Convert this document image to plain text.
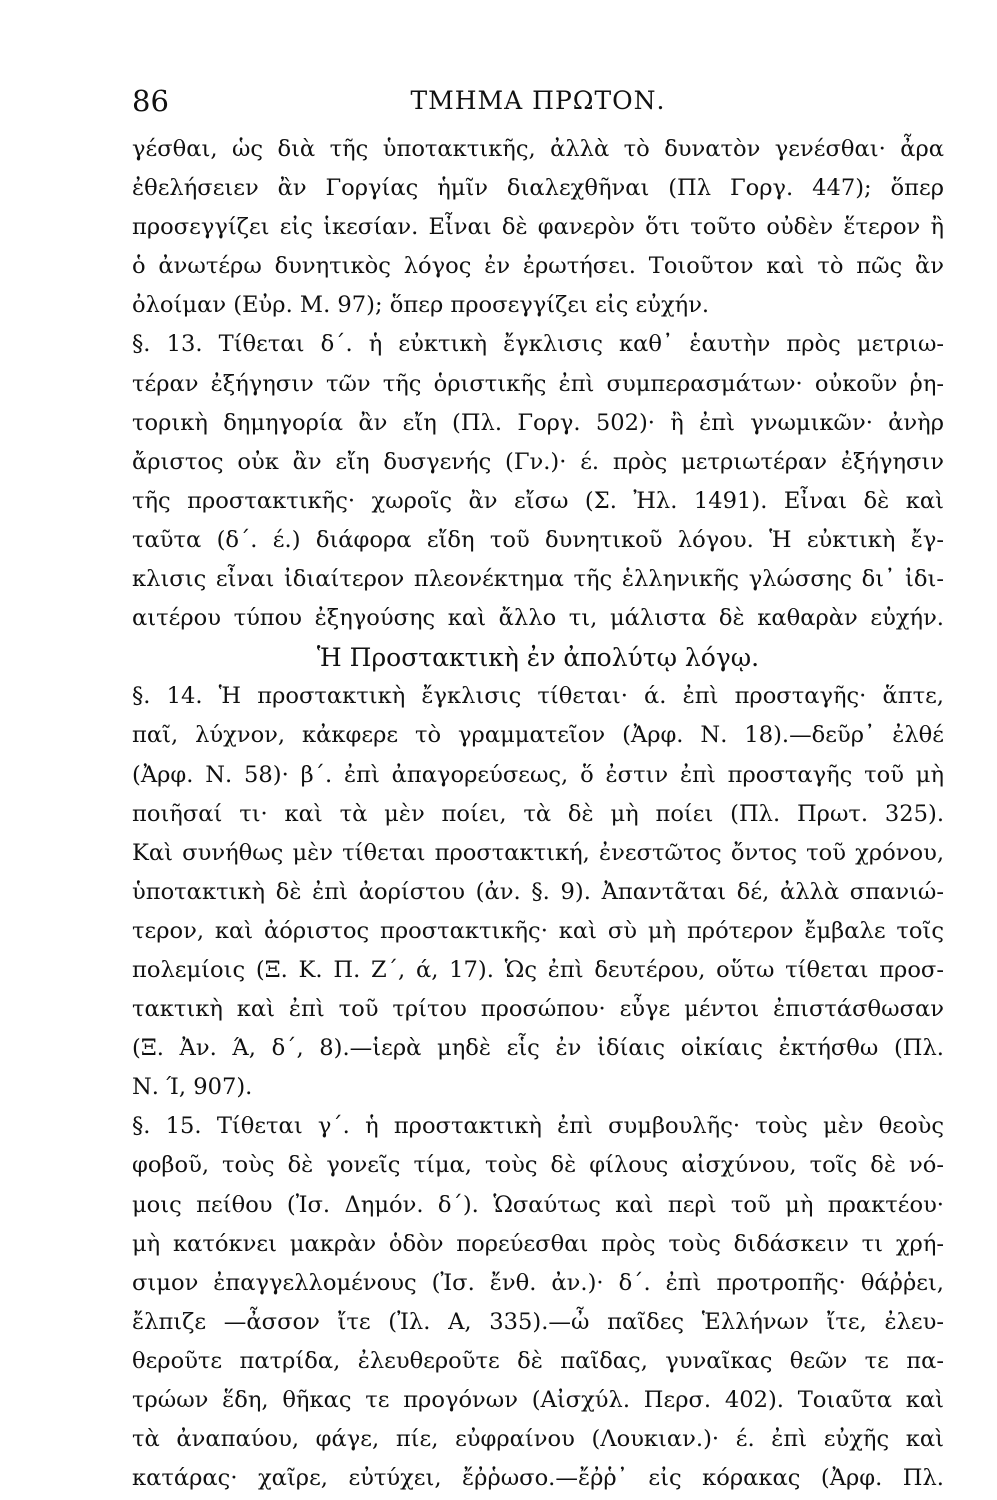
86	ΤΜΗΜΑ ΠΡΩΤΟΝ.
γέσθαι, ὡς διὰ τῆς ὑποτακτικῆς, ἀλλὰ τὸ δυνατὸν γενέσθαι· ἆρα
ἐθελήσειεν ἂν Γοργίας ἡμῖν διαλεχθῆναι (Πλ Γοργ. 447); ὅπερ
προσεγγίζει εἰς ἱκεσίαν. Εἶναι δὲ φανερὸν ὅτι τοῦτο οὐδὲν ἕτερον ἢ
ὁ ἀνωτέρω δυνητικὸς λόγος ἐν ἐρωτήσει. Τοιοῦτον καὶ τὸ πῶς ἂν
ὀλοίμαν (Εὐρ. Μ. 97); ὅπερ προσεγγίζει εἰς εὐχήν.
§. 13. Τίθεται δ΄. ἡ εὐκτικὴ ἔγκλισις καθ᾽ ἑαυτὴν πρὸς μετριω-
τέραν ἐξήγησιν τῶν τῆς ὁριστικῆς ἐπὶ συμπερασμάτων· οὐκοῦν ῥη-
τορικὴ δημηγορία ἂν εἴη (Πλ. Γοργ. 502)· ἢ ἐπὶ γνωμικῶν· ἀνὴρ
ἄριστος οὐκ ἂν εἴη δυσγενής (Γν.)· έ. πρὸς μετριωτέραν ἐξήγησιν
τῆς προστακτικῆς· χωροῖς ἂν εἴσω (Σ. Ἠλ. 1491). Εἶναι δὲ καὶ
ταῦτα (δ΄. έ.) διάφορα εἴδη τοῦ δυνητικοῦ λόγου. Ἡ εὐκτικὴ ἔγ-
κλισις εἶναι ἰδιαίτερον πλεονέκτημα τῆς ἑλληνικῆς γλώσσης δι᾽ ἰδι-
αιτέρου τύπου ἐξηγούσης καὶ ἄλλο τι, μάλιστα δὲ καθαρὰν εὐχήν.
Ἡ Προστακτικὴ ἐν ἀπολύτῳ λόγῳ.
§. 14. Ἡ προστακτικὴ ἔγκλισις τίθεται· ά. ἐπὶ προσταγῆς· ἅπτε,
παῖ, λύχνον, κἀκφερε τὸ γραμματεῖον (Ἀρφ. Ν. 18).—δεῦρ᾽ ἐλθέ
(Ἀρφ. Ν. 58)· β΄. ἐπὶ ἀπαγορεύσεως, ὅ ἐστιν ἐπὶ προσταγῆς τοῦ μὴ
ποιῆσαί τι· καὶ τὰ μὲν ποίει, τὰ δὲ μὴ ποίει (Πλ. Πρωτ. 325).
Καὶ συνήθως μὲν τίθεται προστακτική, ἐνεστῶτος ὄντος τοῦ χρόνου,
ὑποτακτικὴ δὲ ἐπὶ ἀορίστου (ἀν. §. 9). Ἀπαντᾶται δέ, ἀλλὰ σπανιώ-
τερον, καὶ ἀόριστος προστακτικῆς· καὶ σὺ μὴ πρότερον ἔμβαλε τοῖς
πολεμίοις (Ξ. Κ. Π. Ζ΄, ά, 17). Ὡς ἐπὶ δευτέρου, οὕτω τίθεται προσ-
τακτικὴ καὶ ἐπὶ τοῦ τρίτου προσώπου· εὖγε μέντοι ἐπιστάσθωσαν
(Ξ. Ἀν. Ά, δ΄, 8).—ἱερὰ μηδὲ εἷς ἐν ἰδίαις οἰκίαις ἐκτήσθω (Πλ.
Ν. Ί, 907).
§. 15. Τίθεται γ΄. ἡ προστακτικὴ ἐπὶ συμβουλῆς· τοὺς μὲν θεοὺς
φοβοῦ, τοὺς δὲ γονεῖς τίμα, τοὺς δὲ φίλους αἰσχύνου, τοῖς δὲ νό-
μοις πείθου (Ἰσ. Δημόν. δ΄). Ὡσαύτως καὶ περὶ τοῦ μὴ πρακτέου·
μὴ κατόκνει μακρὰν ὁδὸν πορεύεσθαι πρὸς τοὺς διδάσκειν τι χρή-
σιμον ἐπαγγελλομένους (Ἰσ. ἔνθ. ἀν.)· δ΄. ἐπὶ προτροπῆς· θάῤῥει,
ἔλπιζε —ἆσσον ἴτε (Ἰλ. Α, 335).—ὦ παῖδες Ἑλλήνων ἴτε, ἐλευ-
θεροῦτε πατρίδα, ἐλευθεροῦτε δὲ παῖδας, γυναῖκας θεῶν τε πα-
τρώων ἕδη, θῆκας τε προγόνων (Αἰσχύλ. Περσ. 402). Τοιαῦτα καὶ
τὰ ἀναπαύου, φάγε, πίε, εὐφραίνου (Λουκιαν.)· έ. ἐπὶ εὐχῆς καὶ
κατάρας· χαῖρε, εὐτύχει, ἔῤῥωσο.—ἔῤῥ᾽ εἰς κόρακας (Ἀρφ. Πλ.
